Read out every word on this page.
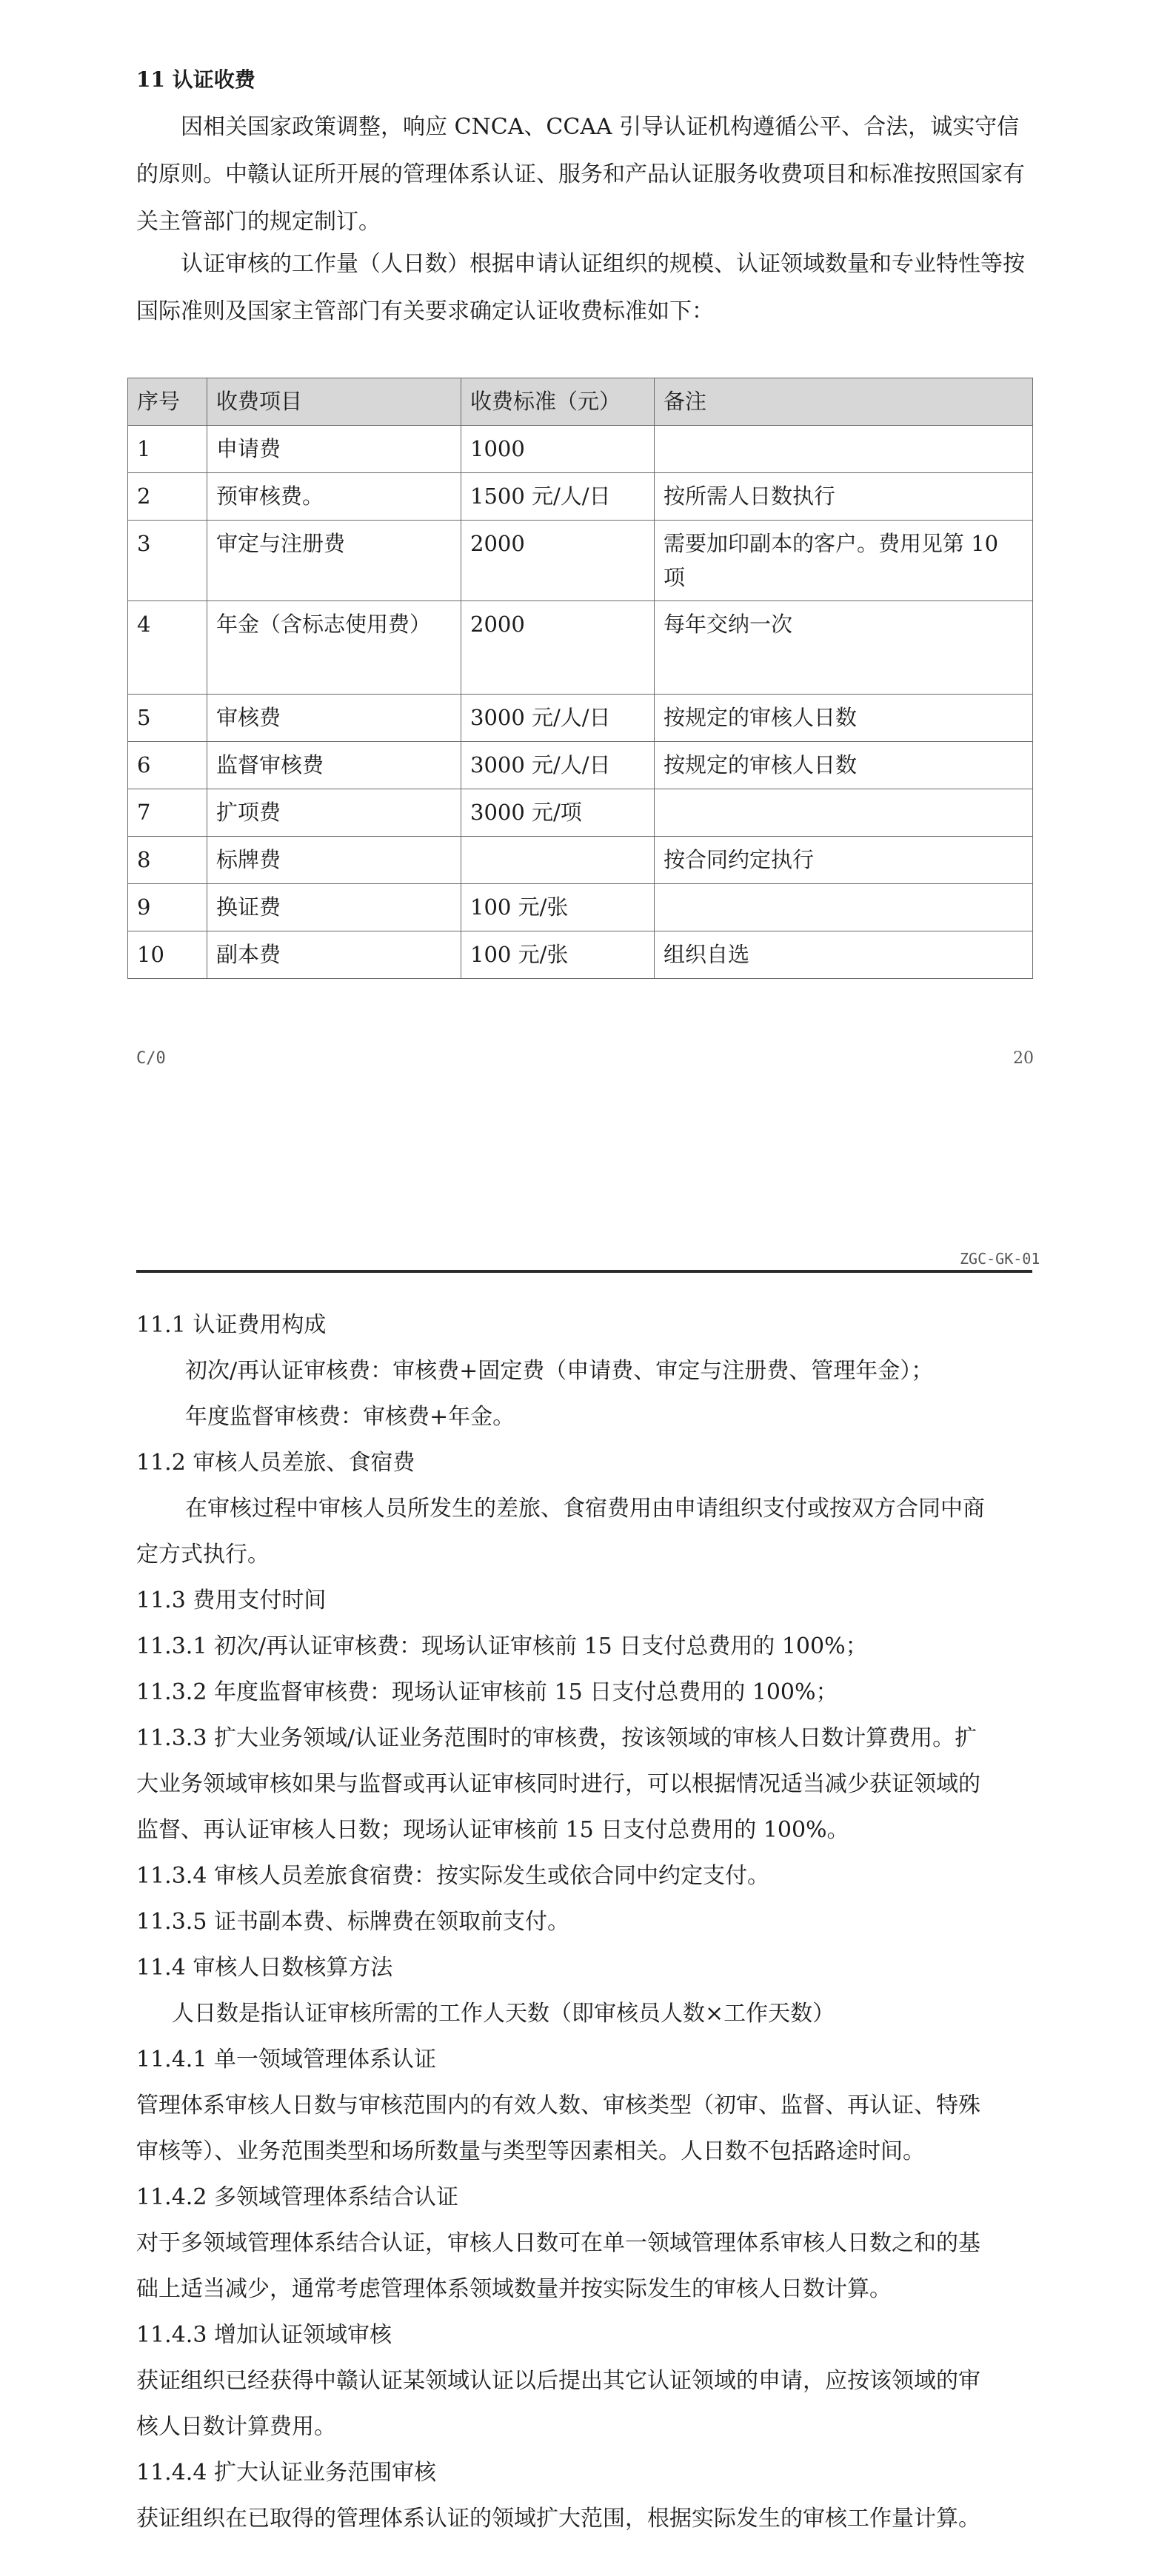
11 认证收费
因相关国家政策调整，响应 CNCA、CCAA 引导认证机构遵循公平、合法，诚实守信的原则。中赣认证所开展的管理体系认证、服务和产品认证服务收费项目和标准按照国家有关主管部门的规定制订。
认证审核的工作量（人日数）根据申请认证组织的规模、认证领域数量和专业特性等按国际准则及国家主管部门有关要求确定认证收费标准如下：
序号	收费项目	收费标准（元）	备注
1	申请费	1000	
2	预审核费。	1500 元/人/日	按所需人日数执行
3	审定与注册费	2000	需要加印副本的客户。费用见第 10 项
4	年金（含标志使用费）	2000	每年交纳一次
5	审核费	3000 元/人/日	按规定的审核人日数
6	监督审核费	3000 元/人/日	按规定的审核人日数
7	扩项费	3000 元/项	
8	标牌费		按合同约定执行
9	换证费	100 元/张	
10	副本费	100 元/张	组织自选
C/0	20
ZGC-GK-01
11.1 认证费用构成
初次/再认证审核费：审核费+固定费（申请费、审定与注册费、管理年金）；
年度监督审核费：审核费+年金。
11.2 审核人员差旅、食宿费
在审核过程中审核人员所发生的差旅、食宿费用由申请组织支付或按双方合同中商
定方式执行。
11.3 费用支付时间
11.3.1 初次/再认证审核费：现场认证审核前 15 日支付总费用的 100%；
11.3.2 年度监督审核费：现场认证审核前 15 日支付总费用的 100%；
11.3.3 扩大业务领域/认证业务范围时的审核费，按该领域的审核人日数计算费用。扩
大业务领域审核如果与监督或再认证审核同时进行，可以根据情况适当减少获证领域的
监督、再认证审核人日数；现场认证审核前 15 日支付总费用的 100%。
11.3.4 审核人员差旅食宿费：按实际发生或依合同中约定支付。
11.3.5 证书副本费、标牌费在领取前支付。
11.4 审核人日数核算方法
人日数是指认证审核所需的工作人天数（即审核员人数×工作天数）
11.4.1 单一领域管理体系认证
管理体系审核人日数与审核范围内的有效人数、审核类型（初审、监督、再认证、特殊
审核等）、业务范围类型和场所数量与类型等因素相关。人日数不包括路途时间。
11.4.2 多领域管理体系结合认证
对于多领域管理体系结合认证，审核人日数可在单一领域管理体系审核人日数之和的基
础上适当减少，通常考虑管理体系领域数量并按实际发生的审核人日数计算。
11.4.3 增加认证领域审核
获证组织已经获得中赣认证某领域认证以后提出其它认证领域的申请，应按该领域的审
核人日数计算费用。
11.4.4 扩大认证业务范围审核
获证组织在已取得的管理体系认证的领域扩大范围，根据实际发生的审核工作量计算。
